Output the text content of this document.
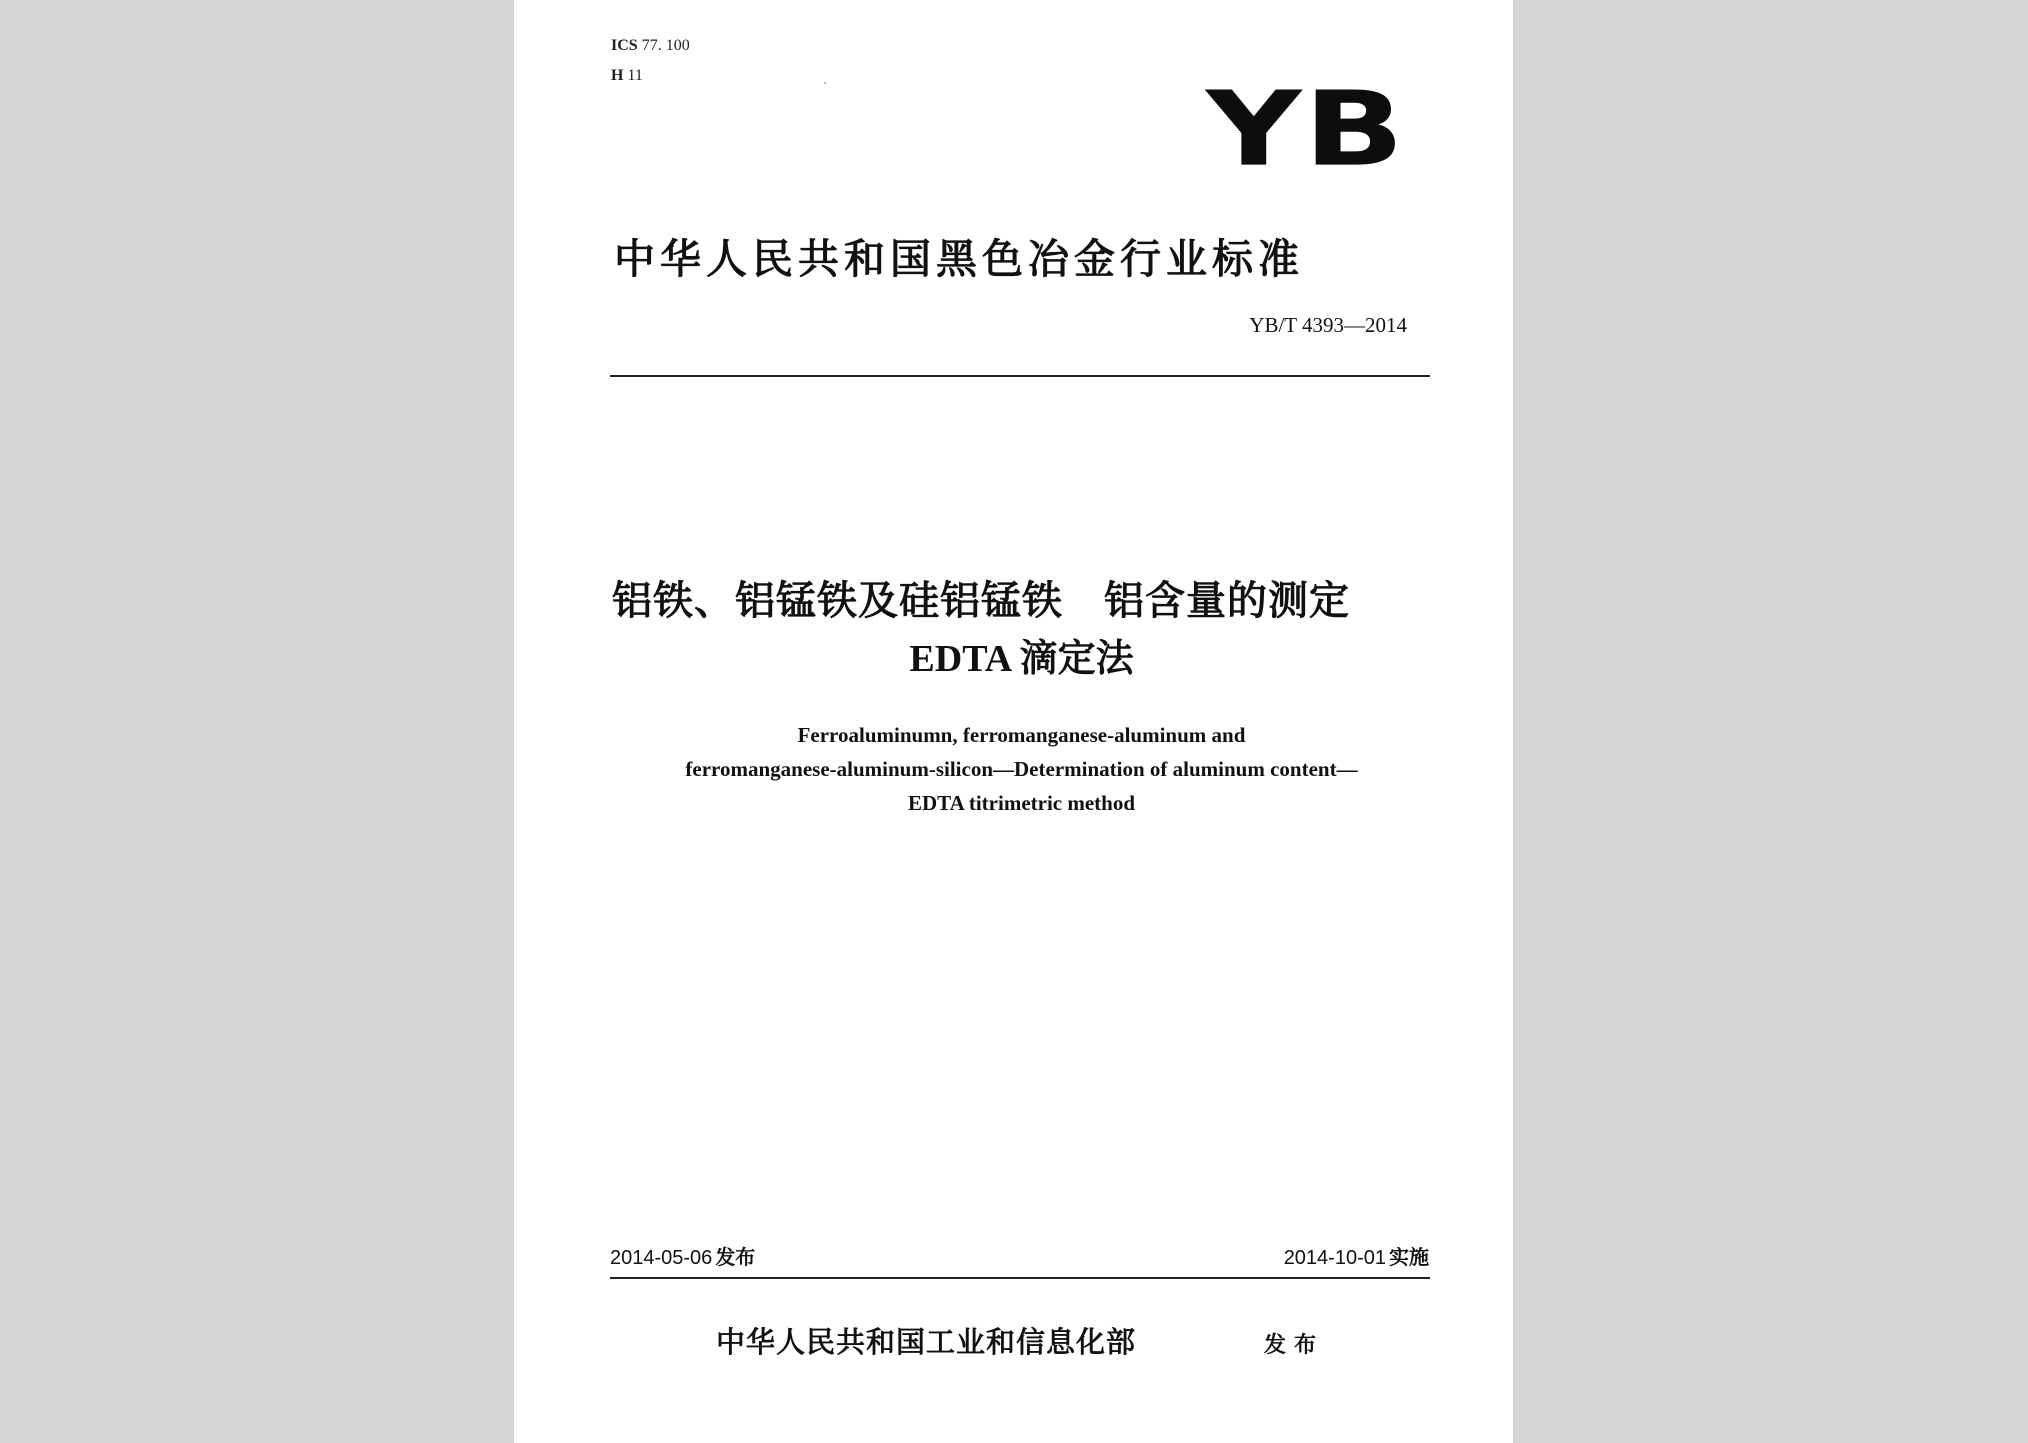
ICS 77. 100
H 11	YB
中华人民共和国黑色冶金行业标准
YB/T 4393—2014
铝铁、铝锰铁及硅铝锰铁　铝含量的测定
EDTA 滴定法
Ferroaluminumn, ferromanganese-aluminum and
ferromanganese-aluminum-silicon—Determination of aluminum content—
EDTA titrimetric method
2014-05-06 发布	2014-10-01 实施
中华人民共和国工业和信息化部	发布
